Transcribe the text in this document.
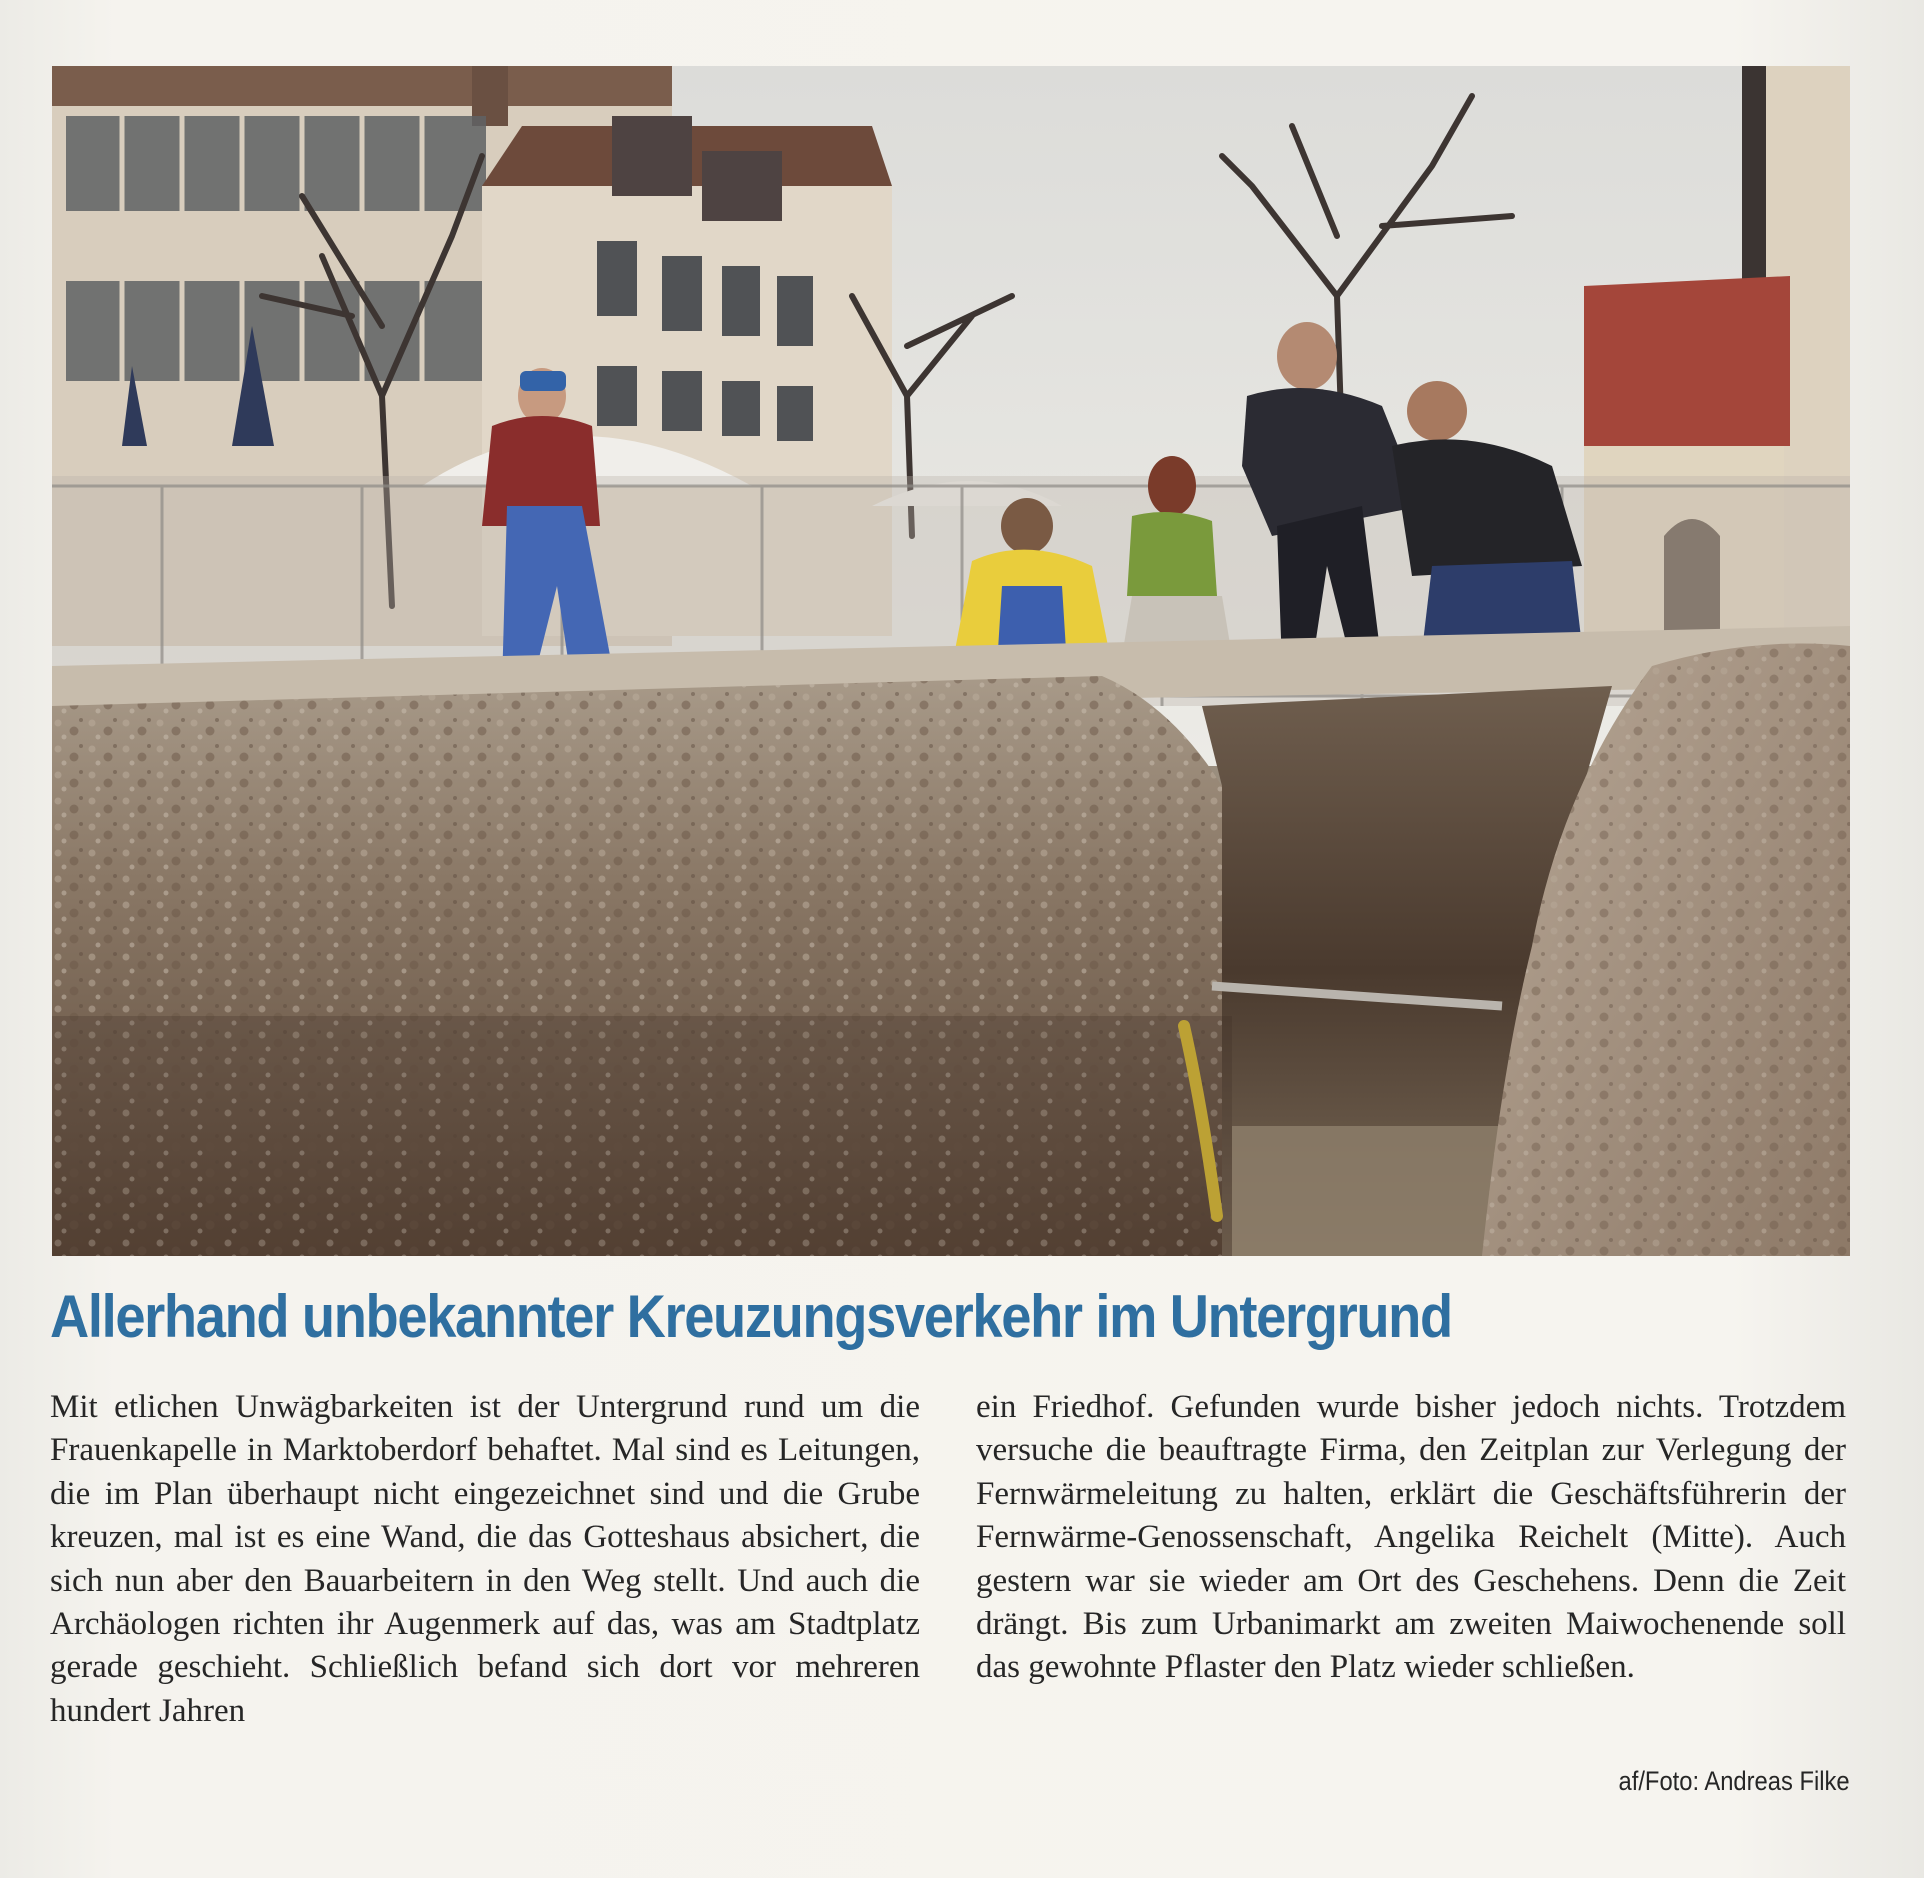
Allerhand unbekannter Kreuzungsverkehr im Untergrund

Mit etlichen Unwägbarkeiten ist der Untergrund rund um die Frauenkapelle in Marktoberdorf behaftet. Mal sind es Leitungen, die im Plan überhaupt nicht eingezeichnet sind und die Grube kreuzen, mal ist es eine Wand, die das Gotteshaus absichert, die sich nun aber den Bauarbeitern in den Weg stellt. Und auch die Archäologen richten ihr Augenmerk auf das, was am Stadtplatz gerade geschieht. Schließlich befand sich dort vor mehreren hundert Jahren

ein Friedhof. Gefunden wurde bisher jedoch nichts. Trotzdem versuche die beauftragte Firma, den Zeitplan zur Verlegung der Fernwärmeleitung zu halten, erklärt die Geschäftsführerin der Fernwärme-Genossenschaft, Angelika Reichelt (Mitte). Auch gestern war sie wieder am Ort des Geschehens. Denn die Zeit drängt. Bis zum Urbanimarkt am zweiten Maiwochenende soll das gewohnte Pflaster den Platz wieder schließen.

af/Foto: Andreas Filke
